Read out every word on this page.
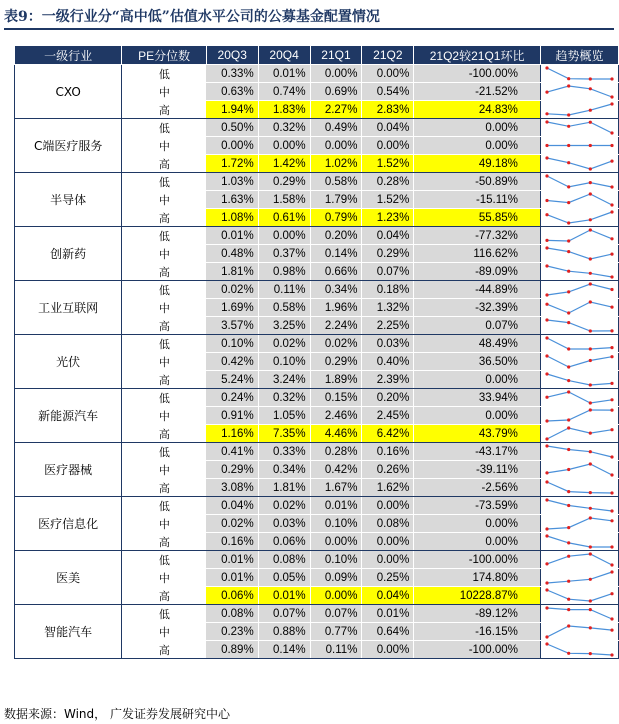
表9：一级行业分“高中低”估值水平公司的公募基金配置情况
一级行业	PE分位数	20Q3	20Q4	21Q1	21Q2	21Q2较21Q1环比	趋势概览
CXO	低	0.33%	0.01%	0.00%	0.00%	-100.00%	

	中	0.63%	0.74%	0.69%	0.54%	-21.52%	

	高	1.94%	1.83%	2.27%	2.83%	24.83%	

C端医疗服务	低	0.50%	0.32%	0.49%	0.04%	0.00%	

	中	0.00%	0.00%	0.00%	0.00%	0.00%	

	高	1.72%	1.42%	1.02%	1.52%	49.18%	

半导体	低	1.03%	0.29%	0.58%	0.28%	-50.89%	

	中	1.63%	1.58%	1.79%	1.52%	-15.11%	

	高	1.08%	0.61%	0.79%	1.23%	55.85%	

创新药	低	0.01%	0.00%	0.20%	0.04%	-77.32%	

	中	0.48%	0.37%	0.14%	0.29%	116.62%	

	高	1.81%	0.98%	0.66%	0.07%	-89.09%	

工业互联网	低	0.02%	0.11%	0.34%	0.18%	-44.89%	

	中	1.69%	0.58%	1.96%	1.32%	-32.39%	

	高	3.57%	3.25%	2.24%	2.25%	0.07%	

光伏	低	0.10%	0.02%	0.02%	0.03%	48.49%	

	中	0.42%	0.10%	0.29%	0.40%	36.50%	

	高	5.24%	3.24%	1.89%	2.39%	0.00%	

新能源汽车	低	0.24%	0.32%	0.15%	0.20%	33.94%	

	中	0.91%	1.05%	2.46%	2.45%	0.00%	

	高	1.16%	7.35%	4.46%	6.42%	43.79%	

医疗器械	低	0.41%	0.33%	0.28%	0.16%	-43.17%	

	中	0.29%	0.34%	0.42%	0.26%	-39.11%	

	高	3.08%	1.81%	1.67%	1.62%	-2.56%	

医疗信息化	低	0.04%	0.02%	0.01%	0.00%	-73.59%	

	中	0.02%	0.03%	0.10%	0.08%	0.00%	

	高	0.16%	0.06%	0.00%	0.00%	0.00%	

医美	低	0.01%	0.08%	0.10%	0.00%	-100.00%	

	中	0.01%	0.05%	0.09%	0.25%	174.80%	

	高	0.06%	0.01%	0.00%	0.04%	10228.87%	

智能汽车	低	0.08%	0.07%	0.07%	0.01%	-89.12%	

	中	0.23%	0.88%	0.77%	0.64%	-16.15%	

	高	0.89%	0.14%	0.11%	0.00%	-100.00%	
数据来源：Wind， 广发证券发展研究中心
